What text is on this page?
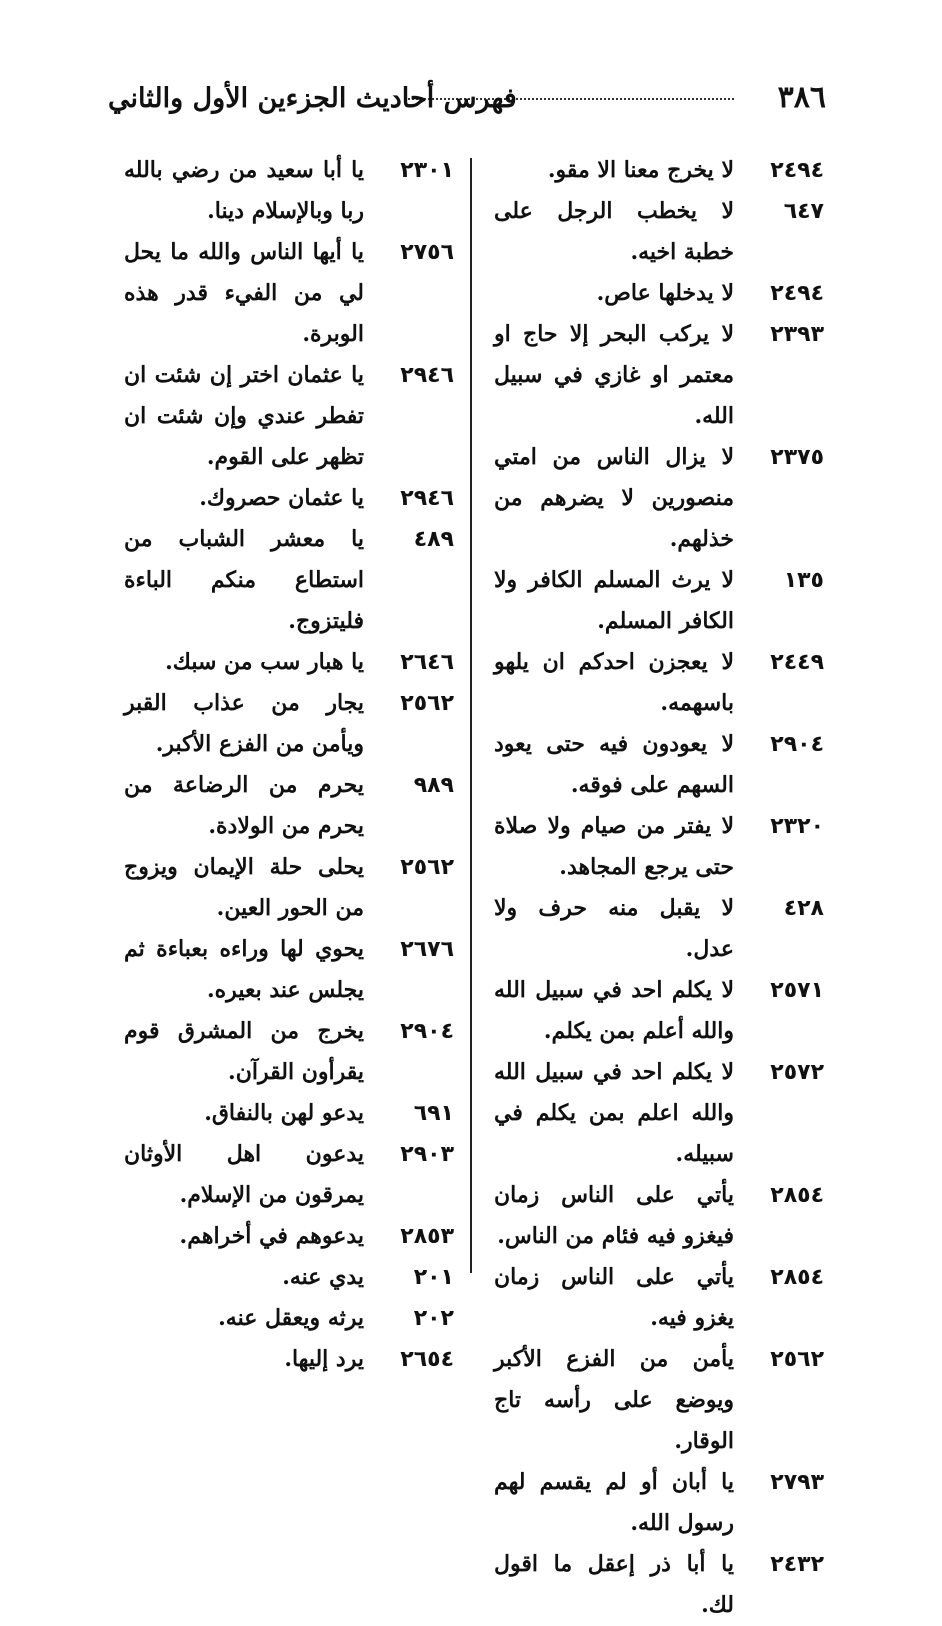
٣٨٦
فهرس أحاديث الجزءين الأول والثاني
٢٤٩٤
لا يخرج معنا الا مقو.
٦٤٧
لا يخطب الرجل على خطبة اخيه.
٢٤٩٤
لا يدخلها عاص.
٢٣٩٣
لا يركب البحر إلا حاج او معتمر او غازي في سبيل الله.
٢٣٧٥
لا يزال الناس من امتي منصورين لا يضرهم من خذلهم.
١٣٥
لا يرث المسلم الكافر ولا الكافر المسلم.
٢٤٤٩
لا يعجزن احدكم ان يلهو باسهمه.
٢٩٠٤
لا يعودون فيه حتى يعود السهم على فوقه.
٢٣٢٠
لا يفتر من صيام ولا صلاة حتى يرجع المجاهد.
٤٢٨
لا يقبل منه حرف ولا عدل.
٢٥٧١
لا يكلم احد في سبيل الله والله أعلم بمن يكلم.
٢٥٧٢
لا يكلم احد في سبيل الله والله اعلم بمن يكلم في سبيله.
٢٨٥٤
يأتي على الناس زمان فيغزو فيه فئام من الناس.
٢٨٥٤
يأتي على الناس زمان يغزو فيه.
٢٥٦٢
يأمن من الفزع الأكبر ويوضع على رأسه تاج الوقار.
٢٧٩٣
يا أبان أو لم يقسم لهم رسول الله.
٢٤٣٢
يا أبا ذر إعقل ما اقول لك.
٢٣٠١
يا أبا سعيد من رضي بالله ربا وبالإسلام دينا.
٢٧٥٦
يا أيها الناس والله ما يحل لي من الفيء قدر هذه الوبرة.
٢٩٤٦
يا عثمان اختر إن شئت ان تفطر عندي وإن شئت ان تظهر على القوم.
٢٩٤٦
يا عثمان حصروك.
٤٨٩
يا معشر الشباب من استطاع منكم الباءة فليتزوج.
٢٦٤٦
يا هبار سب من سبك.
٢٥٦٢
يجار من عذاب القبر ويأمن من الفزع الأكبر.
٩٨٩
يحرم من الرضاعة من يحرم من الولادة.
٢٥٦٢
يحلى حلة الإيمان ويزوج من الحور العين.
٢٦٧٦
يحوي لها وراءه بعباءة ثم يجلس عند بعيره.
٢٩٠٤
يخرج من المشرق قوم يقرأون القرآن.
٦٩١
يدعو لهن بالنفاق.
٢٩٠٣
يدعون اهل الأوثان يمرقون من الإسلام.
٢٨٥٣
يدعوهم في أخراهم.
٢٠١
يدي عنه.
٢٠٢
يرثه ويعقل عنه.
٢٦٥٤
يرد إليها.
